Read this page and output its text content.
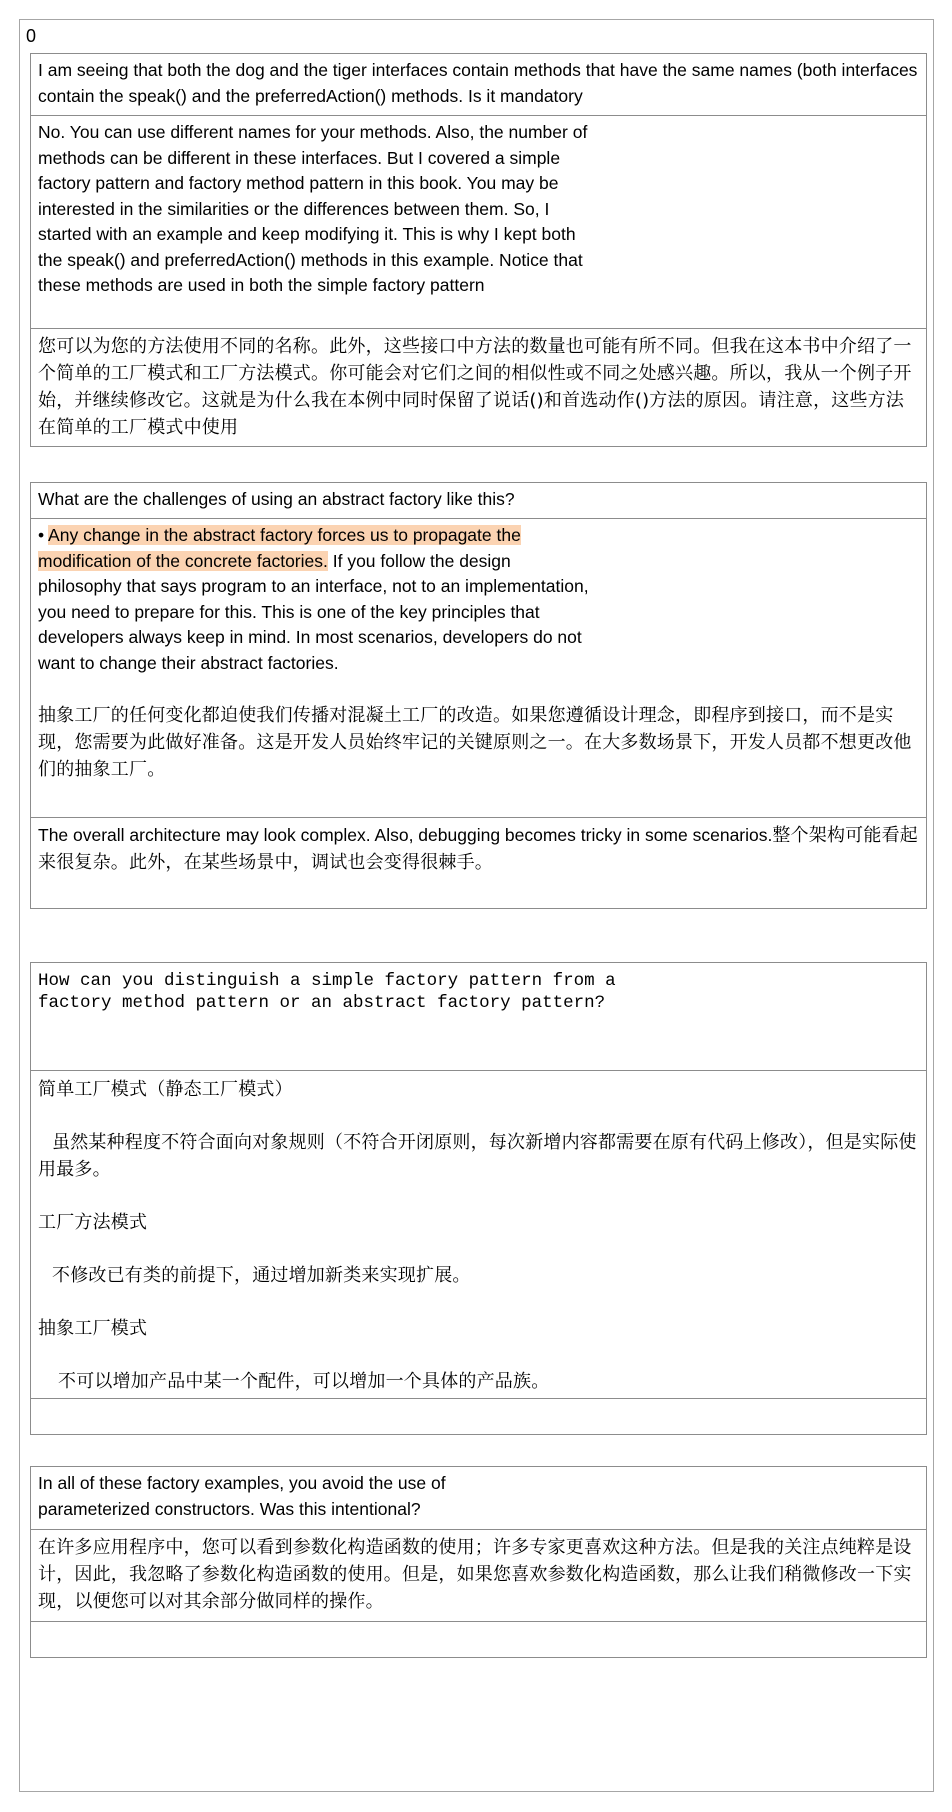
0
I am seeing that both the dog and the tiger interfaces contain methods that have the same names (both interfaces contain the speak() and the preferredAction() methods. Is it mandatory
No. You can use different names for your methods. Also, the number of methods can be different in these interfaces. But I covered a simple factory pattern and factory method pattern in this book. You may be interested in the similarities or the differences between them. So, I started with an example and keep modifying it. This is why I kept both the speak() and preferredAction() methods in this example. Notice that these methods are used in both the simple factory pattern
您可以为您的方法使用不同的名称。此外，这些接口中方法的数量也可能有所不同。但我在这本书中介绍了一个简单的工厂模式和工厂方法模式。你可能会对它们之间的相似性或不同之处感兴趣。所以，我从一个例子开始，并继续修改它。这就是为什么我在本例中同时保留了说话()和首选动作()方法的原因。请注意，这些方法在简单的工厂模式中使用
What are the challenges of using an abstract factory like this?
• Any change in the abstract factory forces us to propagate the modification of the concrete factories. If you follow the design philosophy that says program to an interface, not to an implementation, you need to prepare for this. This is one of the key principles that developers always keep in mind. In most scenarios, developers do not want to change their abstract factories.
抽象工厂的任何变化都迫使我们传播对混凝土工厂的改造。如果您遵循设计理念，即程序到接口，而不是实现，您需要为此做好准备。这是开发人员始终牢记的关键原则之一。在大多数场景下，开发人员都不想更改他们的抽象工厂。
The overall architecture may look complex. Also, debugging becomes tricky in some scenarios.整个架构可能看起来很复杂。此外，在某些场景中，调试也会变得很棘手。
How can you distinguish a simple factory pattern from a factory method pattern or an abstract factory pattern?
简单工厂模式（静态工厂模式）
虽然某种程度不符合面向对象规则（不符合开闭原则，每次新增内容都需要在原有代码上修改），但是实际使用最多。
工厂方法模式
不修改已有类的前提下，通过增加新类来实现扩展。
抽象工厂模式
不可以增加产品中某一个配件，可以增加一个具体的产品族。
In all of these factory examples, you avoid the use of parameterized constructors. Was this intentional?
在许多应用程序中，您可以看到参数化构造函数的使用；许多专家更喜欢这种方法。但是我的关注点纯粹是设计，因此，我忽略了参数化构造函数的使用。但是，如果您喜欢参数化构造函数，那么让我们稍微修改一下实现，以便您可以对其余部分做同样的操作。
